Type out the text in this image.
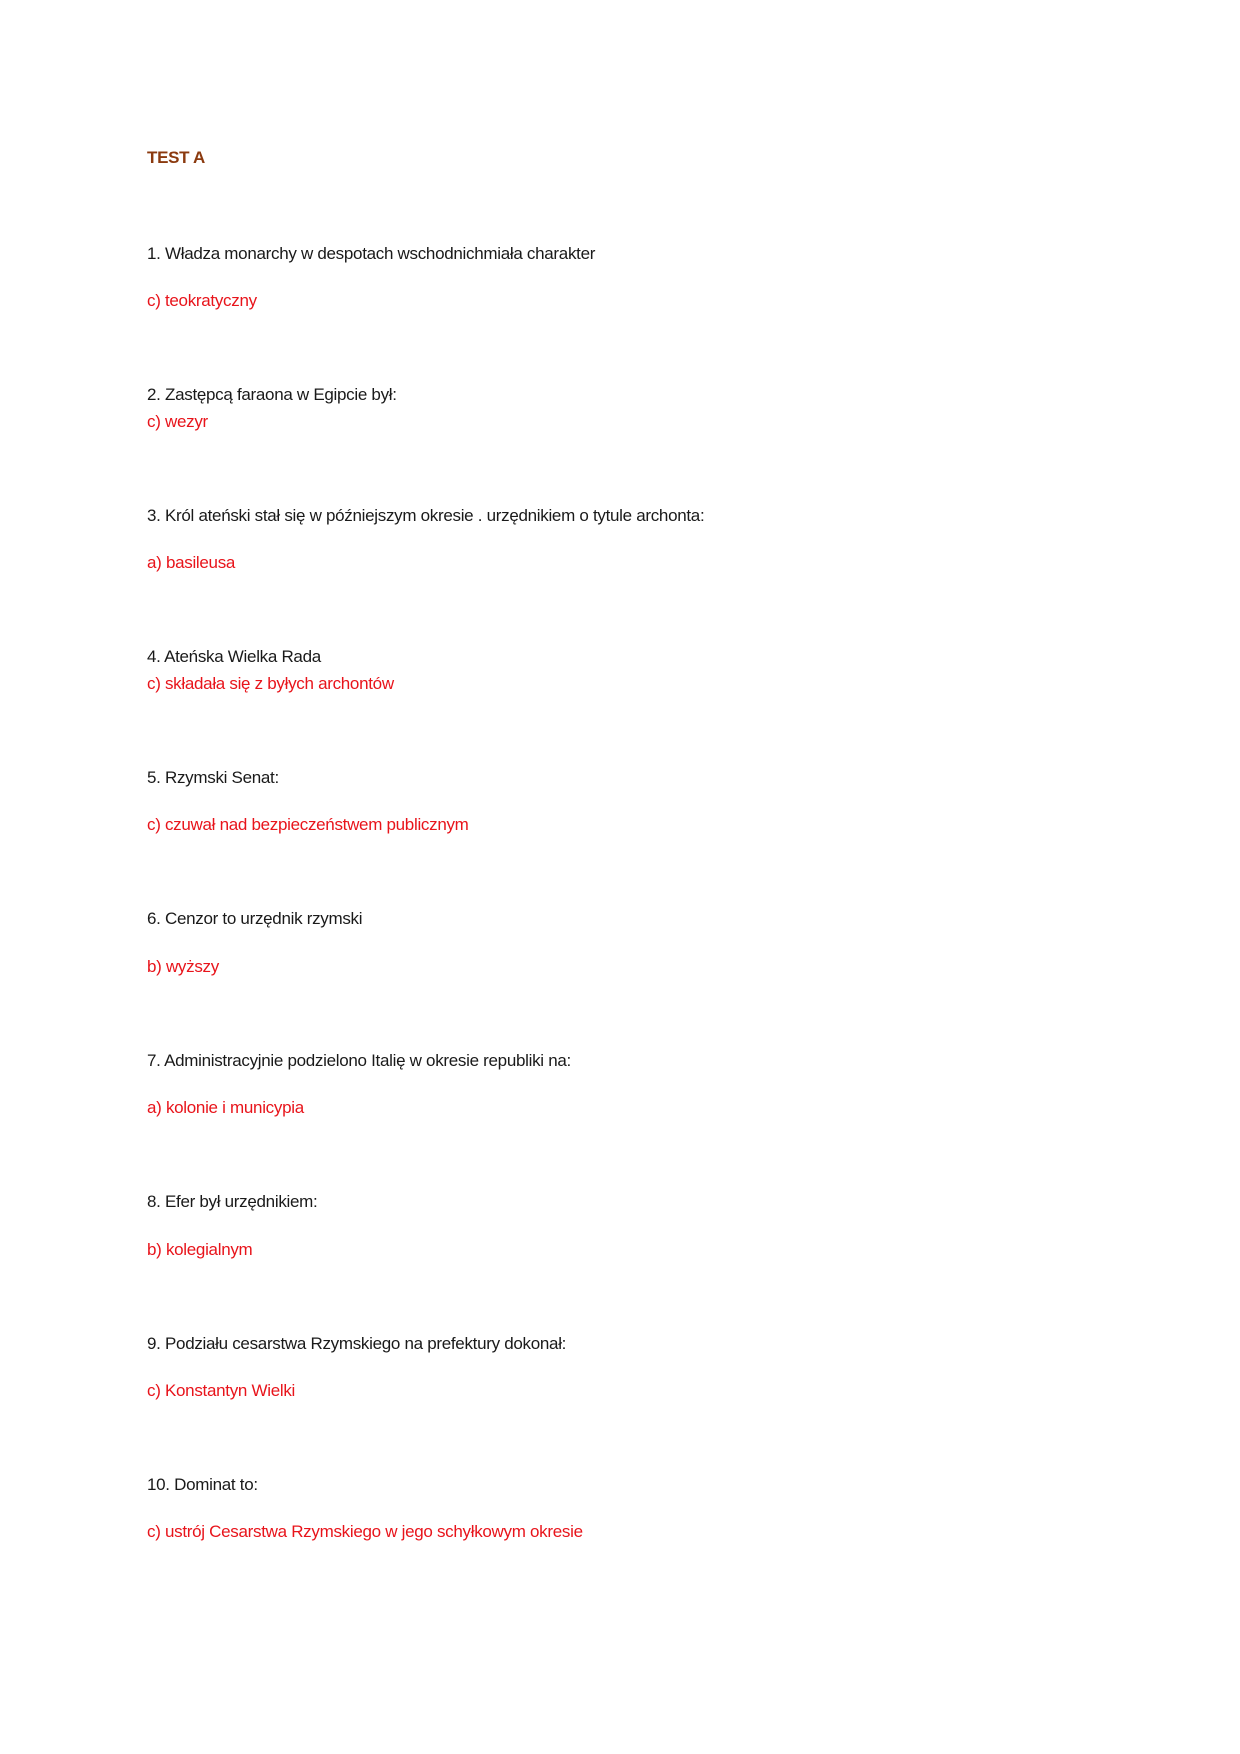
TEST A
1. Władza monarchy w despotach wschodnichmiała charakter
c) teokratyczny
2. Zastępcą faraona w Egipcie był:
c) wezyr
3. Król ateński stał się w późniejszym okresie . urzędnikiem o tytule archonta:
a) basileusa
4. Ateńska Wielka Rada
c) składała się z byłych archontów
5. Rzymski Senat:
c) czuwał nad bezpieczeństwem publicznym
6. Cenzor to urzędnik rzymski
b) wyższy
7. Administracyjnie podzielono Italię w okresie republiki na:
a) kolonie i municypia
8. Efer był urzędnikiem:
b) kolegialnym
9. Podziału cesarstwa Rzymskiego na prefektury dokonał:
c) Konstantyn Wielki
10. Dominat to:
c) ustrój Cesarstwa Rzymskiego w jego schyłkowym okresie
